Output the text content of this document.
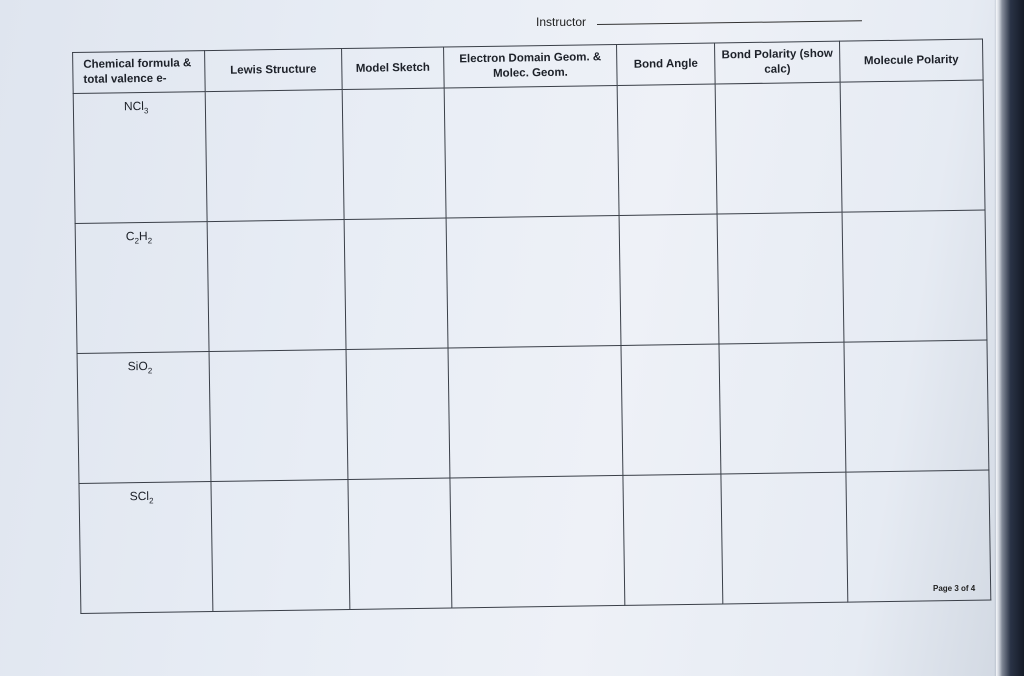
Instructor
Chemical formula & total valence e-	Lewis Structure	Model Sketch	Electron Domain Geom. & Molec. Geom.	Bond Angle	Bond Polarity (show calc)	Molecule Polarity
NCl$_3$						
$C_2H_2$						
SiO$_2$						
SCl$_2$						
Page 3 of 4
